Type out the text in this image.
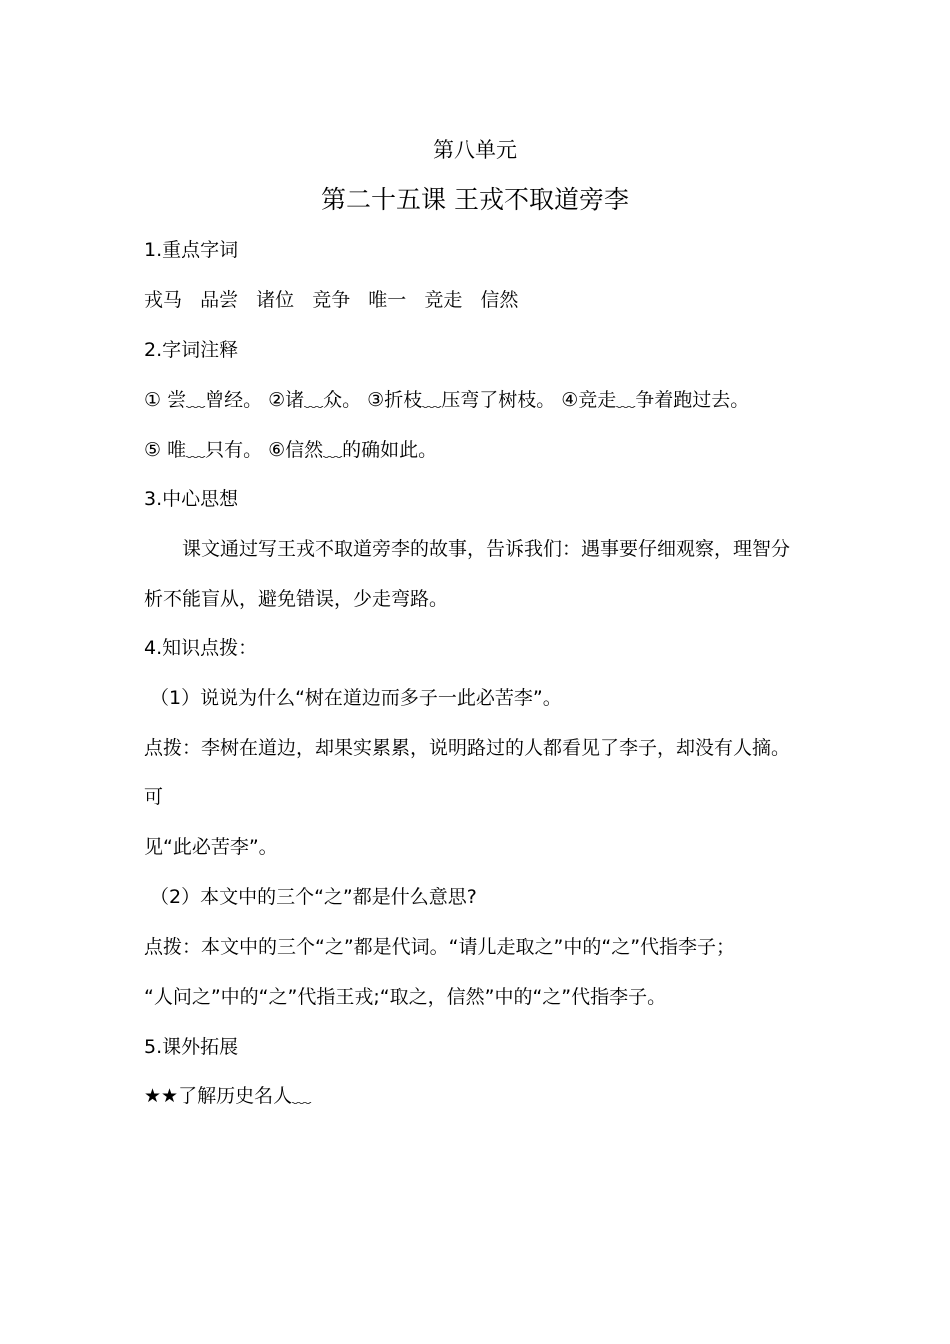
第八单元
第二十五课 王戎不取道旁李
1.重点字词
戎马 品尝 诸位 竞争 唯一 竞走 信然
2.字词注释
① 尝﹏曾经。 ②诸﹏众。 ③折枝﹏压弯了树枝。 ④竞走﹏争着跑过去。
⑤ 唯﹏只有。 ⑥信然﹏的确如此。
3.中心思想
课文通过写王戎不取道旁李的故事，告诉我们：遇事要仔细观察，理智分
析不能盲从，避免错误，少走弯路。
4.知识点拨：
（1）说说为什么“树在道边而多子一此必苦李”。
点拨：李树在道边，却果实累累，说明路过的人都看见了李子，却没有人摘。
可
见“此必苦李”。
（2）本文中的三个“之”都是什么意思?
点拨：本文中的三个“之”都是代词。“请儿走取之”中的“之”代指李子；
“人问之”中的“之”代指王戎;“取之，信然”中的“之”代指李子。
5.课外拓展
★★了解历史名人﹏
